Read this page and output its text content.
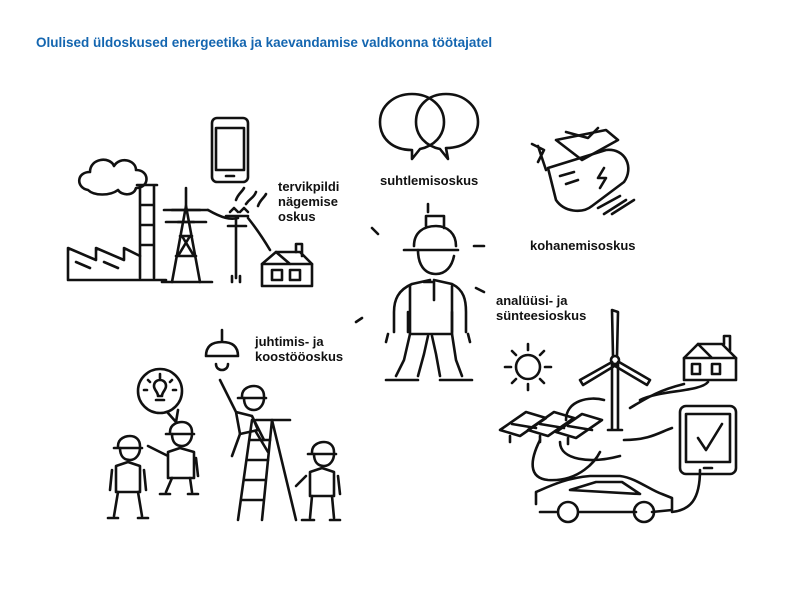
Olulised üldoskused energeetika ja kaevandamise valdkonna töötajatel
tervikpildi
nägemise
oskus
suhtlemisoskus
kohanemisoskus
analüüsi- ja
sünteesioskus
juhtimis- ja
koostööoskus
